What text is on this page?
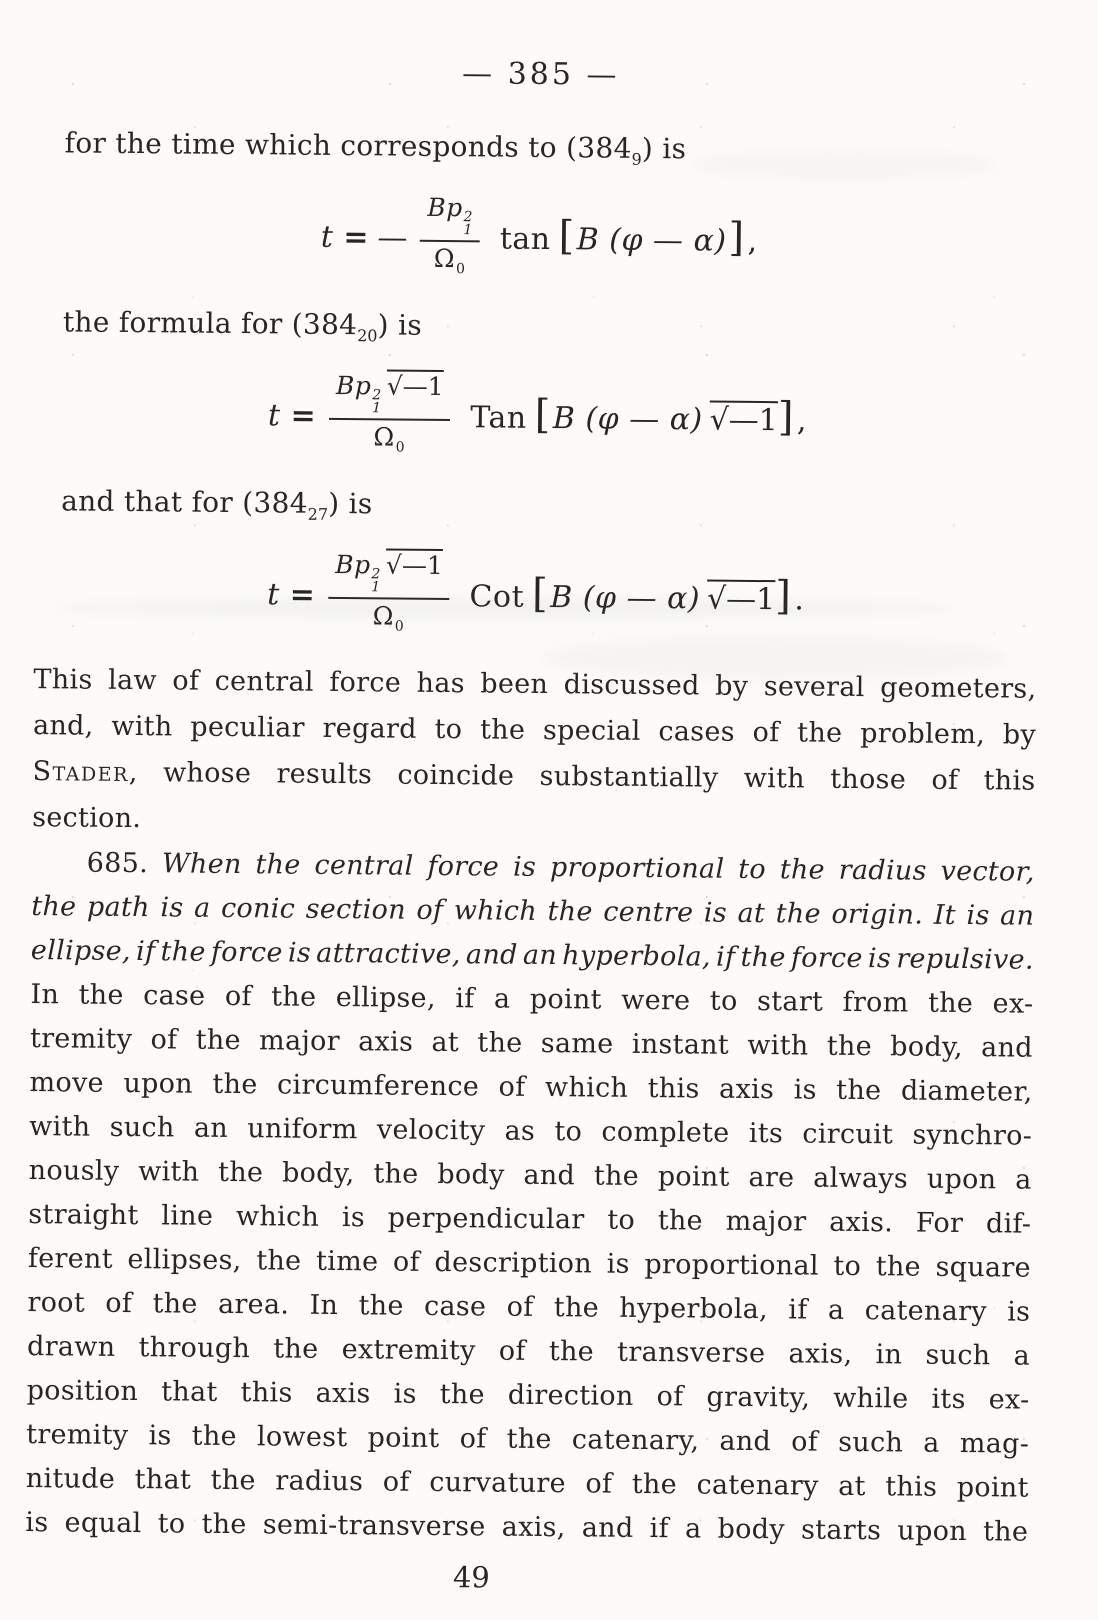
— 385 —
for the time which corresponds to $(384_9)$ is
t = — Bp 2
1
$\Omega_0$ tan [ B (φ — α) ] ,
the formula for $(384_{20})$ is
t = Bp 2
1
√—1
$\Omega_0$ Tan [ B (φ — α) √—1 ] ,
and that for $(384_{27})$ is
t = Bp 2
1
√—1
$\Omega_0$ Cot [ B (φ — α) √—1 ] .
This law of central force has been discussed by several geometers,
and, with peculiar regard to the special cases of the problem, by
Stader, whose results coincide substantially with those of this
section.
685. When the central force is proportional to the radius vector,
the path is a conic section of which the centre is at the origin. It is an
ellipse, if the force is attractive, and an hyperbola, if the force is repulsive.
In the case of the ellipse, if a point were to start from the ex-
tremity of the major axis at the same instant with the body, and
move upon the circumference of which this axis is the diameter,
with such an uniform velocity as to complete its circuit synchro-
nously with the body, the body and the point are always upon a
straight line which is perpendicular to the major axis. For dif-
ferent ellipses, the time of description is proportional to the square
root of the area. In the case of the hyperbola, if a catenary is
drawn through the extremity of the transverse axis, in such a
position that this axis is the direction of gravity, while its ex-
tremity is the lowest point of the catenary, and of such a mag-
nitude that the radius of curvature of the catenary at this point
is equal to the semi-transverse axis, and if a body starts upon the
49
